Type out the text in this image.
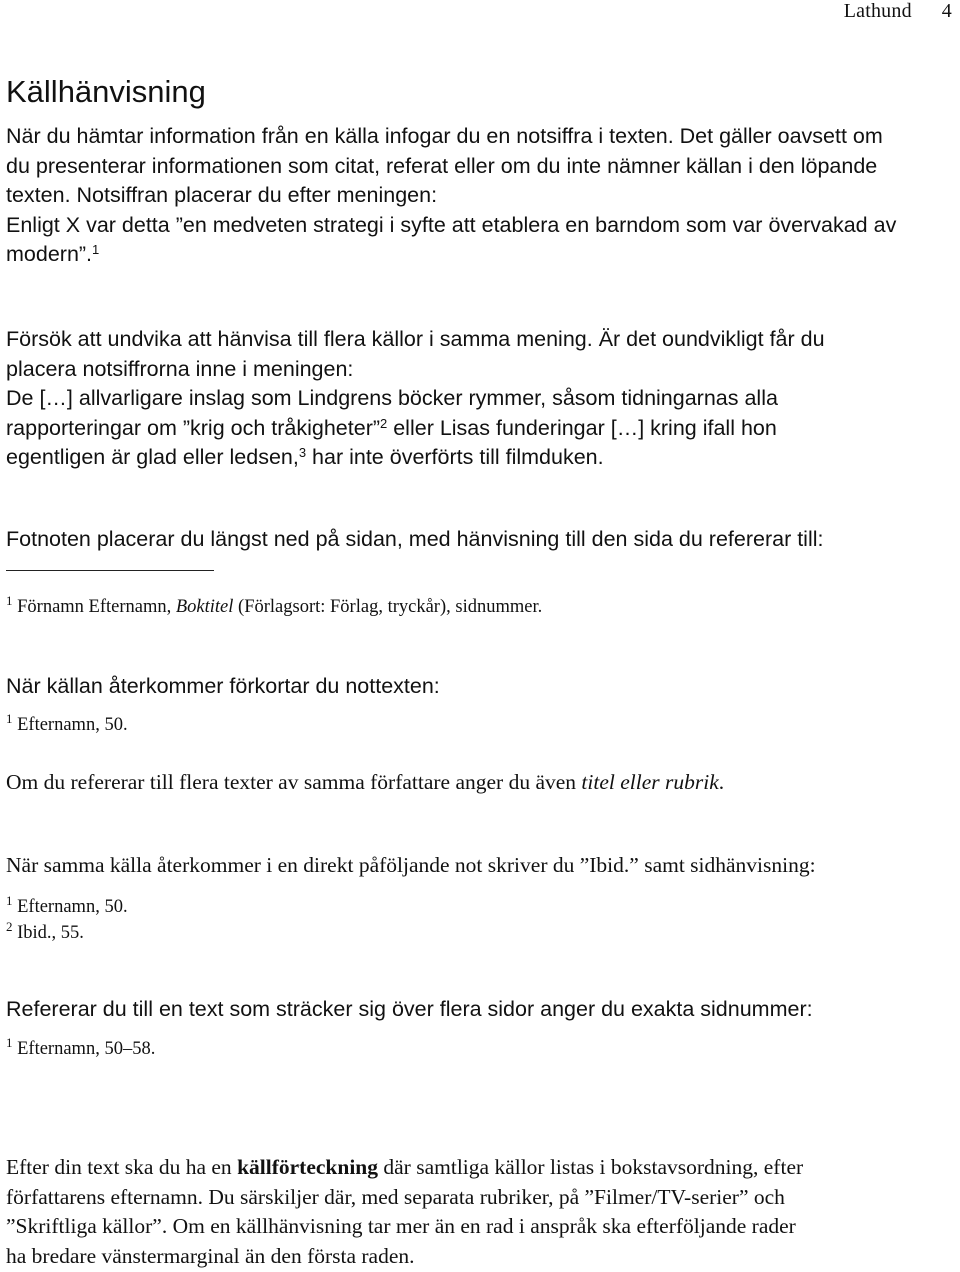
Lathund 4
Källhänvisning
När du hämtar information från en källa infogar du en notsiffra i texten. Det gäller oavsett om
du presenterar informationen som citat, referat eller om du inte nämner källan i den löpande
texten. Notsiffran placerar du efter meningen:
Enligt X var detta ”en medveten strategi i syfte att etablera en barndom som var övervakad av
modern”.$^1$
Försök att undvika att hänvisa till flera källor i samma mening. Är det oundvikligt får du
placera notsiffrorna inne i meningen:
De […] allvarligare inslag som Lindgrens böcker rymmer, såsom tidningarnas alla
rapporteringar om ”krig och tråkigheter”$^2$ eller Lisas funderingar […] kring ifall hon
egentligen är glad eller ledsen,$^3$ har inte överförts till filmduken.

Fotnoten placerar du längst ned på sidan, med hänvisning till den sida du refererar till:

$^1$ Förnamn Efternamn, Boktitel (Förlagsort: Förlag, tryckår), sidnummer.

När källan återkommer förkortar du nottexten:

$^1$ Efternamn, 50.

Om du refererar till flera texter av samma författare anger du även titel eller rubrik.

När samma källa återkommer i en direkt påföljande not skriver du ”Ibid.” samt sidhänvisning:

$^1$ Efternamn, 50.
$^2$ Ibid., 55.

Refererar du till en text som sträcker sig över flera sidor anger du exakta sidnummer:

$^1$ Efternamn, 50–58.

Efter din text ska du ha en källförteckning där samtliga källor listas i bokstavsordning, efter
författarens efternamn. Du särskiljer där, med separata rubriker, på ”Filmer/TV-serier” och
”Skriftliga källor”. Om en källhänvisning tar mer än en rad i anspråk ska efterföljande rader
ha bredare vänstermarginal än den första raden.
